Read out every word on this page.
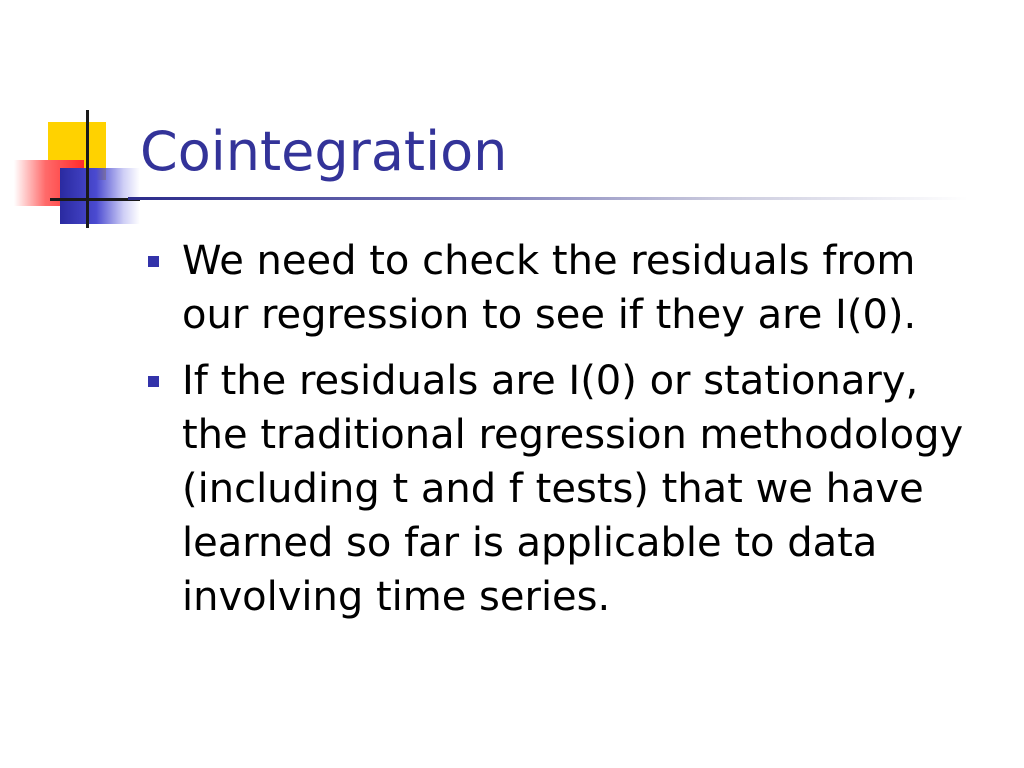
Cointegration
We need to check the residuals from our regression to see if they are I(0).
If the residuals are I(0) or stationary, the traditional regression methodology (including t and f tests) that we have learned so far is applicable to data involving time series.
